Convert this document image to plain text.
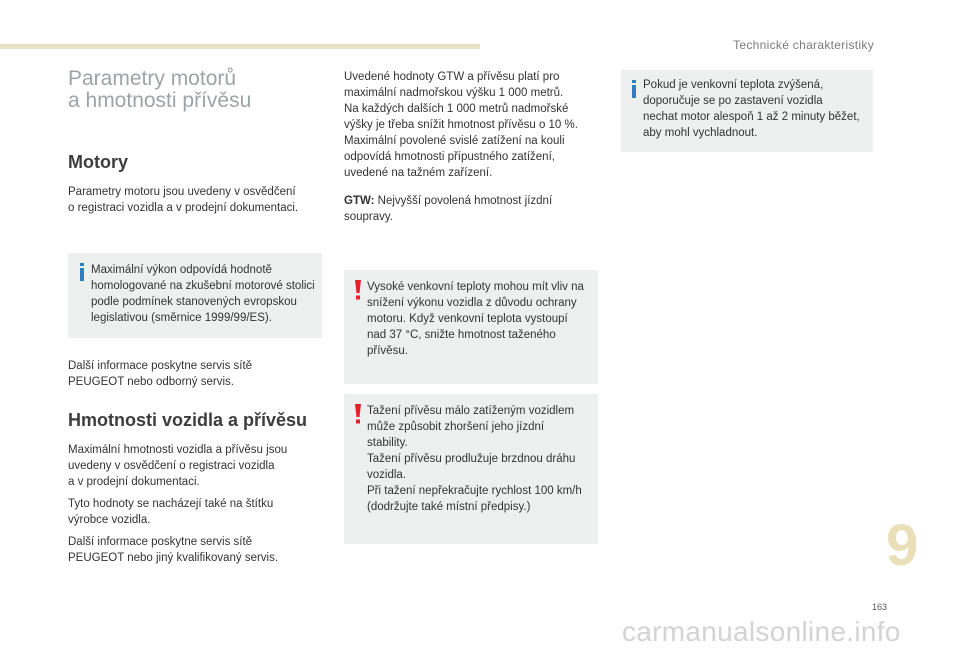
Technické charakteristiky
Parametry motorů
a hmotnosti přívěsu
Motory

Parametry motoru jsou uvedeny v osvědčení
o registraci vozidla a v prodejní dokumentaci.

Maximální výkon odpovídá hodnotě
homologované na zkušební motorové stolici
podle podmínek stanovených evropskou
legislativou (směrnice 1999/99/ES).

Další informace poskytne servis sítě
PEUGEOT nebo odborný servis.

Hmotnosti vozidla a přívěsu

Maximální hmotnosti vozidla a přívěsu jsou
uvedeny v osvědčení o registraci vozidla
a v prodejní dokumentaci.

Tyto hodnoty se nacházejí také na štítku
výrobce vozidla.

Další informace poskytne servis sítě
PEUGEOT nebo jiný kvalifikovaný servis.

Uvedené hodnoty GTW a přívěsu platí pro
maximální nadmořskou výšku 1 000 metrů.
Na každých dalších 1 000 metrů nadmořské
výšky je třeba snížit hmotnost přívěsu o 10 %.
Maximální povolené svislé zatížení na kouli
odpovídá hmotnosti přípustného zatížení,
uvedené na tažném zařízení.

GTW: Nejvyšší povolená hmotnost jízdní
soupravy.

Vysoké venkovní teploty mohou mít vliv na
snížení výkonu vozidla z důvodu ochrany
motoru. Když venkovní teplota vystoupí
nad 37 °C, snižte hmotnost taženého
přívěsu.
Tažení přívěsu málo zatíženým vozidlem
může způsobit zhoršení jeho jízdní
stability.
Tažení přívěsu prodlužuje brzdnou dráhu
vozidla.
Při tažení nepřekračujte rychlost 100 km/h
(dodržujte také místní předpisy.)
Pokud je venkovní teplota zvýšená,
doporučuje se po zastavení vozidla
nechat motor alespoň 1 až 2 minuty běžet,
aby mohl vychladnout.
9
163
carmanualsonline.info
